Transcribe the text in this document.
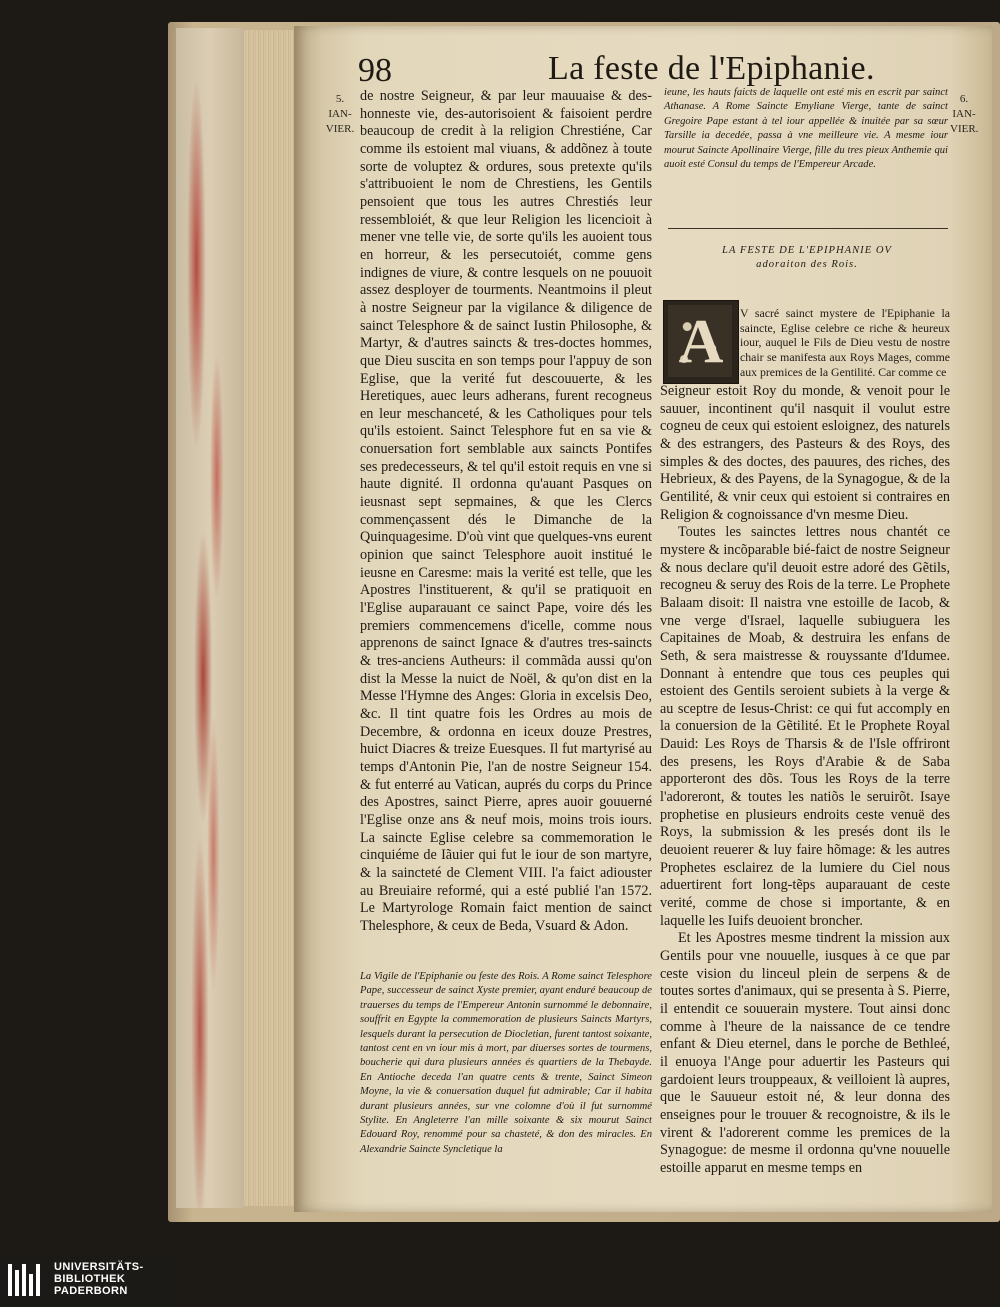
98	La feste de l'Epiphanie.
5.
IAN-
VIER.
6.
IAN-
VIER.

de nostre Seigneur, & par leur mauuaise & des-honneste vie, des-autorisoient & faisoient perdre beaucoup de credit à la religion Chrestiéne, Car comme ils estoient mal viuans, & addõnez à toute sorte de voluptez & ordures, sous pretexte qu'ils s'attribuoient le nom de Chrestiens, les Gentils pensoient que tous les autres Chrestiés leur ressembloiét, & que leur Religion les licencioit à mener vne telle vie, de sorte qu'ils les auoient tous en horreur, & les persecutoiét, comme gens indignes de viure, & contre lesquels on ne pouuoit assez desployer de tourments. Neantmoins il pleut à nostre Seigneur par la vigilance & diligence de sainct Telesphore & de sainct Iustin Philosophe, & Martyr, & d'autres saincts & tres-doctes hommes, que Dieu suscita en son temps pour l'appuy de son Eglise, que la verité fut descouuerte, & les Heretiques, auec leurs adherans, furent recogneus en leur meschanceté, & les Catholiques pour tels qu'ils estoient. Sainct Telesphore fut en sa vie & conuersation fort semblable aux saincts Pontifes ses predecesseurs, & tel qu'il estoit requis en vne si haute dignité. Il ordonna qu'auant Pasques on ieusnast sept sepmaines, & que les Clercs commençassent dés le Dimanche de la Quinquagesime. D'où vint que quelques-vns eurent opinion que sainct Telesphore auoit institué le ieusne en Caresme: mais la verité est telle, que les Apostres l'instituerent, & qu'il se pratiquoit en l'Eglise auparauant ce sainct Pape, voire dés les premiers commencemens d'icelle, comme nous apprenons de sainct Ignace & d'autres tres-saincts & tres-anciens Autheurs: il commãda aussi qu'on dist la Messe la nuict de Noël, & qu'on dist en la Messe l'Hymne des Anges: Gloria in excelsis Deo, &c. Il tint quatre fois les Ordres au mois de Decembre, & ordonna en iceux douze Prestres, huict Diacres & treize Euesques. Il fut martyrisé au temps d'Antonin Pie, l'an de nostre Seigneur 154. & fut enterré au Vatican, auprés du corps du Prince des Apostres, sainct Pierre, apres auoir gouuerné l'Eglise onze ans & neuf mois, moins trois iours. La saincte Eglise celebre sa commemoration le cinquiéme de Iãuier qui fut le iour de son martyre, & la saincteté de Clement VIII. l'a faict adiouster au Breuiaire reformé, qui a esté publié l'an 1572. Le Martyrologe Romain faict mention de sainct Thelesphore, & ceux de Beda, Vsuard & Adon.

La Vigile de l'Epiphanie ou feste des Rois. A Rome sainct Telesphore Pape, successeur de sainct Xyste premier, ayant enduré beaucoup de trauerses du temps de l'Empereur Antonin surnommé le debonnaire, souffrit en Egypte la commemoration de plusieurs Saincts Martyrs, lesquels durant la persecution de Diocletian, furent tantost soixante, tantost cent en vn iour mis à mort, par diuerses sortes de tourmens, boucherie qui dura plusieurs années és quartiers de la Thebayde. En Antioche deceda l'an quatre cents & trente, Sainct Simeon Moyne, la vie & conuersation duquel fut admirable; Car il habita durant plusieurs années, sur vne colomne d'où il fut surnommé Stylite. En Angleterre l'an mille soixante & six mourut Sainct Edouard Roy, renommé pour sa chasteté, & don des miracles. En Alexandrie Saincte Syncletique la
ieune, les hauts faicts de laquelle ont esté mis en escrit par sainct Athanase. A Rome Saincte Emyliane Vierge, tante de sainct Gregoire Pape estant à tel iour appellée & inuitée par sa sœur Tarsille ia decedée, passa à vne meilleure vie. A mesme iour mourut Saincte Apollinaire Vierge, fille du tres pieux Anthemie qui auoit esté Consul du temps de l'Empereur Arcade.
LA FESTE DE L'EPIPHANIE OV
adoraiton des Rois.
A	V sacré sainct mystere de l'Epiphanie la saincte, Eglise celebre ce riche & heureux iour, auquel le Fils de Dieu vestu de nostre chair se manifesta aux Roys Mages, comme aux premices de la Gentilité. Car comme ce

Seigneur estoit Roy du monde, & venoit pour le sauuer, incontinent qu'il nasquit il voulut estre cogneu de ceux qui estoient esloignez, des naturels & des estrangers, des Pasteurs & des Roys, des simples & des doctes, des pauures, des riches, des Hebrieux, & des Payens, de la Synagogue, & de la Gentilité, & vnir ceux qui estoient si contraires en Religion & cognoissance d'vn mesme Dieu.

Toutes les sainctes lettres nous chantét ce mystere & incõparable bié-faict de nostre Seigneur & nous declare qu'il deuoit estre adoré des Gẽtils, recogneu & seruy des Rois de la terre. Le Prophete Balaam disoit: Il naistra vne estoille de Iacob, & vne verge d'Israel, laquelle subiuguera les Capitaines de Moab, & destruira les enfans de Seth, & sera maistresse & rouyssante d'Idumee. Donnant à entendre que tous ces peuples qui estoient des Gentils seroient subiets à la verge & au sceptre de Iesus-Christ: ce qui fut accomply en la conuersion de la Gẽtilité. Et le Prophete Royal Dauid: Les Roys de Tharsis & de l'Isle offriront des presens, les Roys d'Arabie & de Saba apporteront des dõs. Tous les Roys de la terre l'adoreront, & toutes les natiõs le seruirõt. Isaye prophetise en plusieurs endroits ceste venuë des Roys, la submission & les presés dont ils le deuoient reuerer & luy faire hõmage: & les autres Prophetes esclairez de la lumiere du Ciel nous aduertirent fort long-tẽps auparauant de ceste verité, comme de chose si importante, & en laquelle les Iuifs deuoient broncher.

Et les Apostres mesme tindrent la mission aux Gentils pour vne nouuelle, iusques à ce que par ceste vision du linceul plein de serpens & de toutes sortes d'animaux, qui se presenta à S. Pierre, il entendit ce souuerain mystere. Tout ainsi donc comme à l'heure de la naissance de ce tendre enfant & Dieu eternel, dans le porche de Bethleé, il enuoya l'Ange pour aduertir les Pasteurs qui gardoient leurs trouppeaux, & veilloient là aupres, que le Sauueur estoit né, & leur donna des enseignes pour le trouuer & recognoistre, & ils le virent & l'adorerent comme les premices de la Synagogue: de mesme il ordonna qu'vne nouuelle estoille apparut en mesme temps en

UNIVERSITÄTS-
BIBLIOTHEK
PADERBORN
